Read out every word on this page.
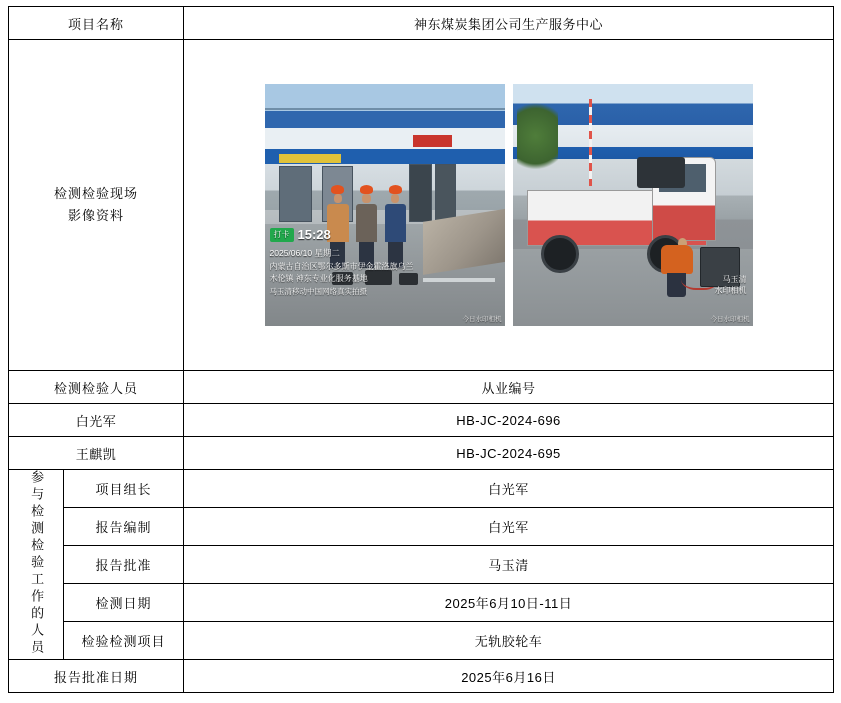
项目名称		神东煤炭集团公司生产服务中心

检测检验现场
影像资料

打卡 15:28
2025/06/10 星期二
内蒙古自治区鄂尔多斯市伊金霍洛旗乌兰
木伦镇 神东专业化服务基地
马玉清移动中国网络真实拍摄
今日水印相机
马玉清
水印相机
今日水印相机

检测检验人员		从业编号
白光军		HB-JC-2024-696
王麒凯		HB-JC-2024-695
参与检测检验工作的人员	项目组长	白光军
	报告编制	白光军
	报告批准	马玉清
	检测日期	2025年6月10日-11日
	检验检测项目	无轨胶轮车
报告批准日期		2025年6月16日
